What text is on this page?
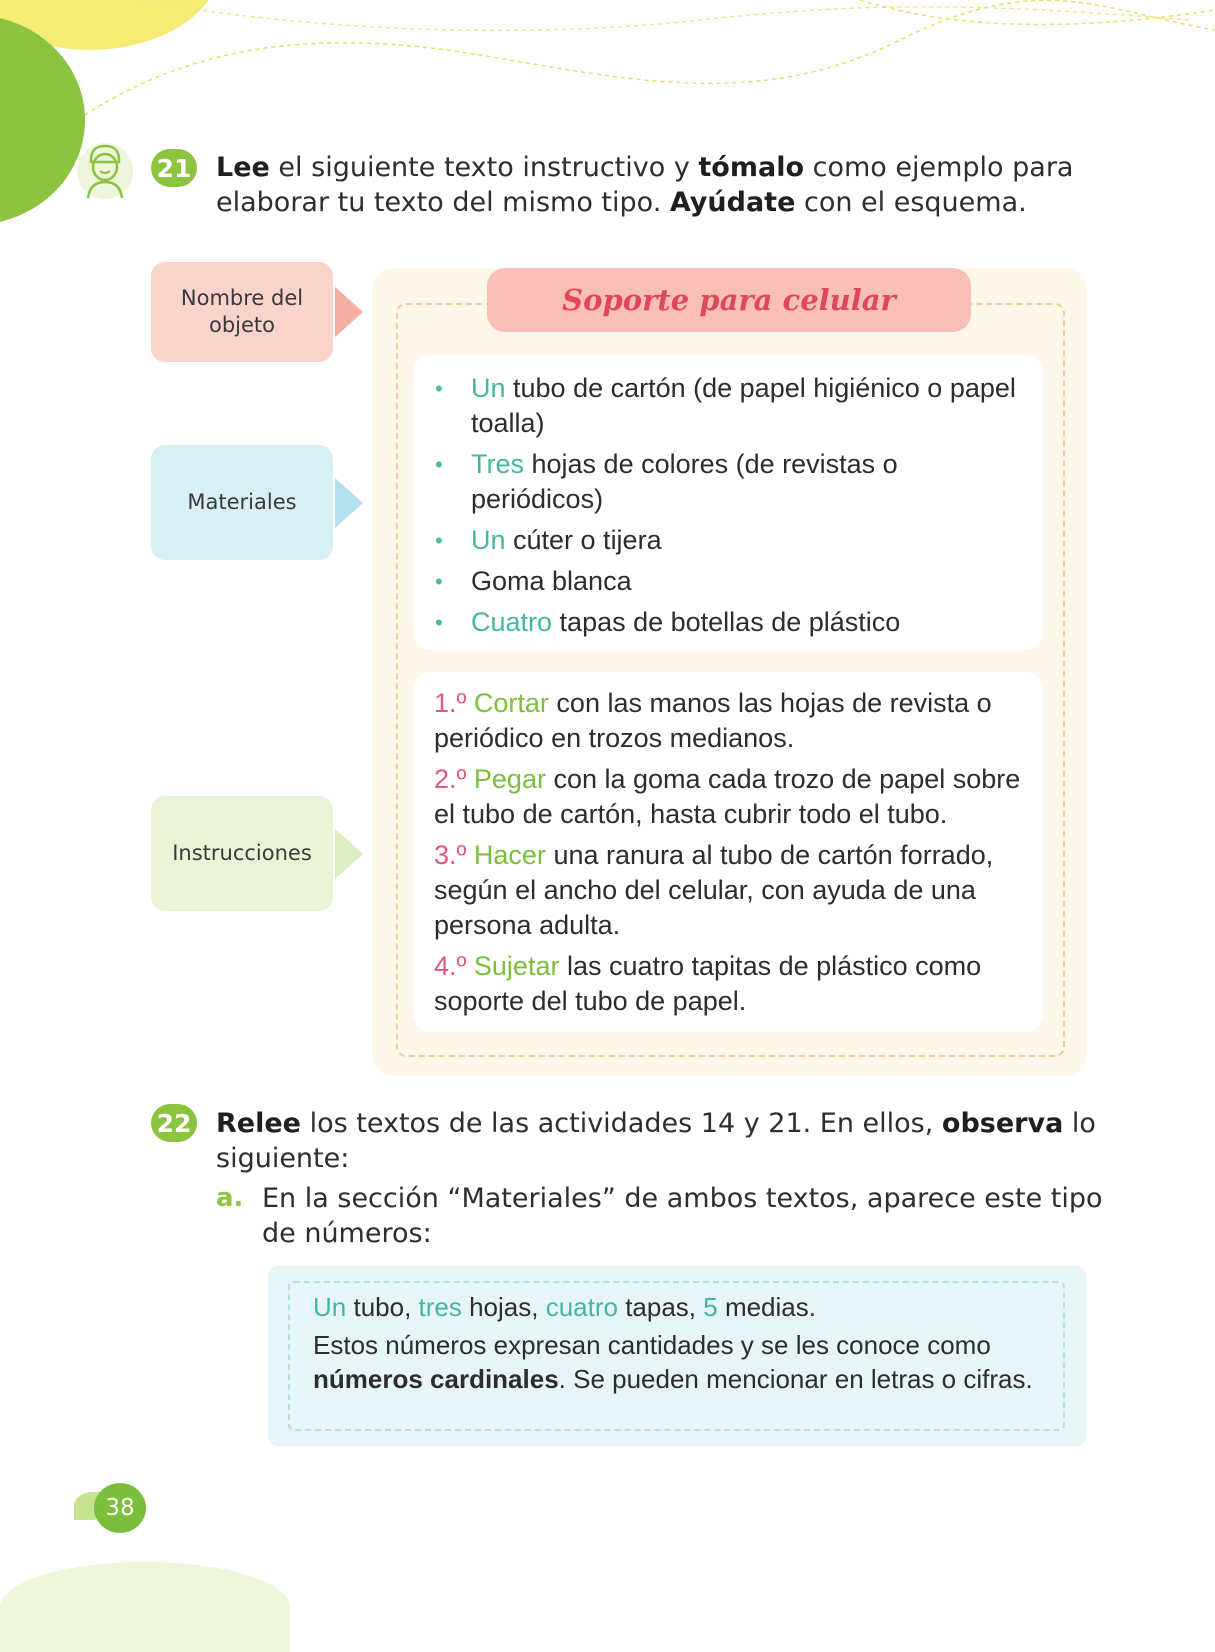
21 Lee el siguiente texto instructivo y tómalo como ejemplo para
elaborar tu texto del mismo tipo. Ayúdate con el esquema.
Nombre del objeto
Materiales
Instrucciones
Soporte para celular
• Un tubo de cartón (de papel higiénico o papel
toalla)
• Tres hojas de colores (de revistas o periódicos)
• Un cúter o tijera
• Goma blanca
• Cuatro tapas de botellas de plástico

1.º Cortar con las manos las hojas de revista o
periódico en trozos medianos.

2.º Pegar con la goma cada trozo de papel sobre
el tubo de cartón, hasta cubrir todo el tubo.

3.º Hacer una ranura al tubo de cartón forrado,
según el ancho del celular, con ayuda de una
persona adulta.

4.º Sujetar las cuatro tapitas de plástico como
soporte del tubo de papel.

22 Relee los textos de las actividades 14 y 21. En ellos, observa lo
siguiente:
a. En la sección “Materiales” de ambos textos, aparece este tipo
de números:

Un tubo, tres hojas, cuatro tapas, 5 medias.

Estos números expresan cantidades y se les conoce como

números cardinales. Se pueden mencionar en letras o cifras.

38
